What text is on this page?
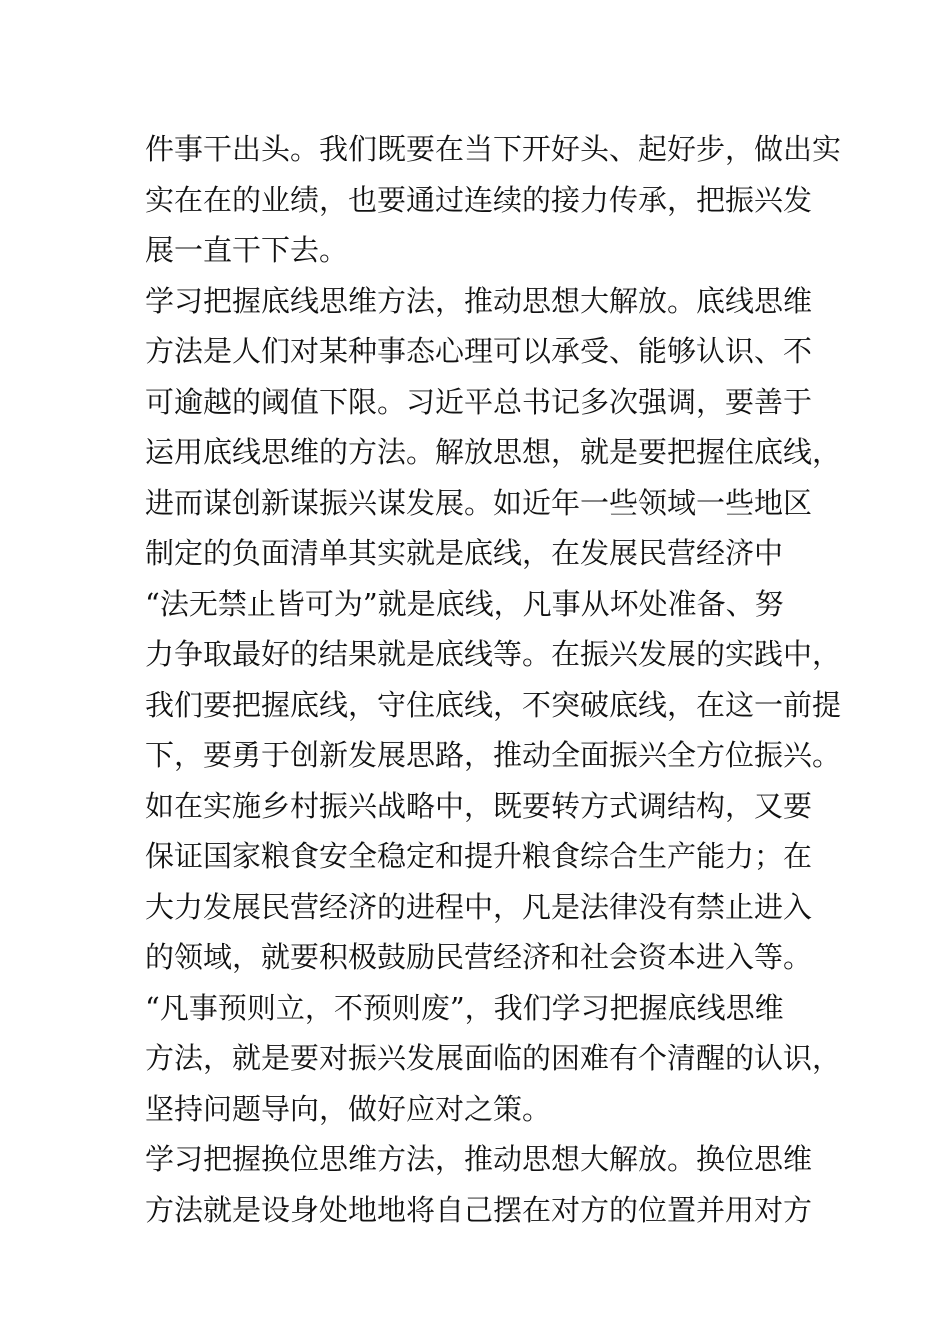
件事干出头。我们既要在当下开好头、起好步，做出实
实在在的业绩，也要通过连续的接力传承，把振兴发
展一直干下去。
学习把握底线思维方法，推动思想大解放。底线思维
方法是人们对某种事态心理可以承受、能够认识、不
可逾越的阈值下限。习近平总书记多次强调，要善于
运用底线思维的方法。解放思想，就是要把握住底线，
进而谋创新谋振兴谋发展。如近年一些领域一些地区
制定的负面清单其实就是底线，在发展民营经济中
“法无禁止皆可为”就是底线，凡事从坏处准备、努
力争取最好的结果就是底线等。在振兴发展的实践中，
我们要把握底线，守住底线，不突破底线，在这一前提
下，要勇于创新发展思路，推动全面振兴全方位振兴。
如在实施乡村振兴战略中，既要转方式调结构，又要
保证国家粮食安全稳定和提升粮食综合生产能力；在
大力发展民营经济的进程中，凡是法律没有禁止进入
的领域，就要积极鼓励民营经济和社会资本进入等。
“凡事预则立，不预则废”，我们学习把握底线思维
方法，就是要对振兴发展面临的困难有个清醒的认识，
坚持问题导向，做好应对之策。
学习把握换位思维方法，推动思想大解放。换位思维
方法就是设身处地地将自己摆在对方的位置并用对方
